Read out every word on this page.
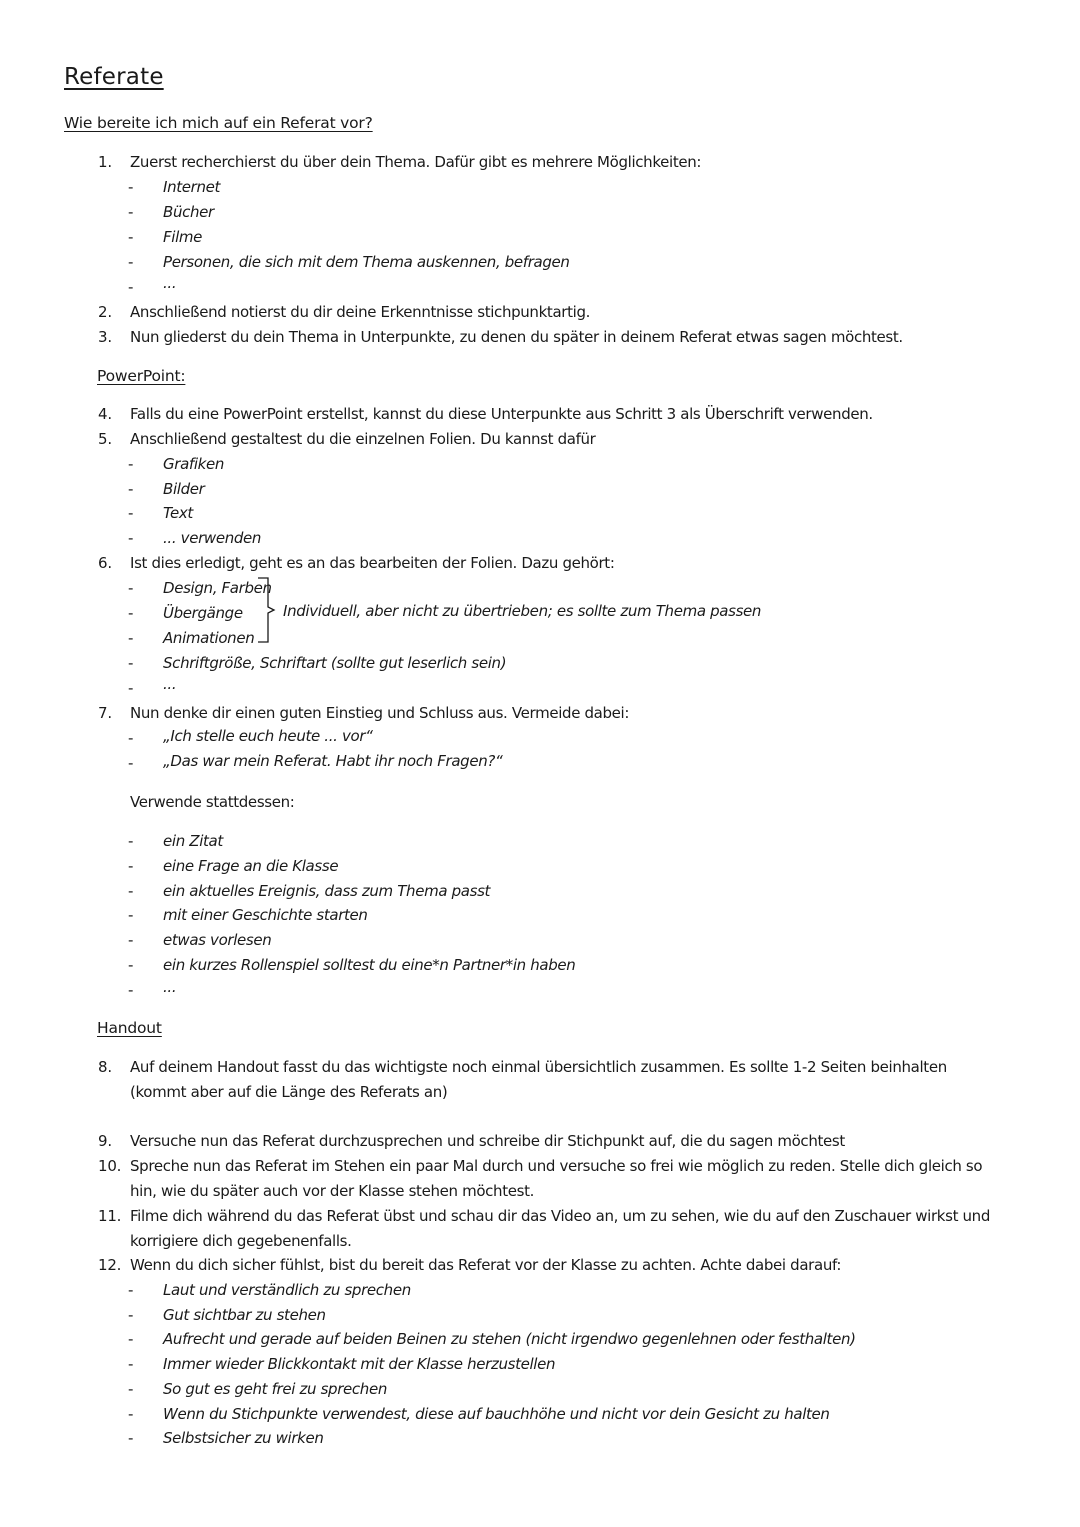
Referate
Wie bereite ich mich auf ein Referat vor?
1. Zuerst recherchierst du über dein Thema. Dafür gibt es mehrere Möglichkeiten:
- Internet
- Bücher
- Filme
- Personen, die sich mit dem Thema auskennen, befragen
- ...
2. Anschließend notierst du dir deine Erkenntnisse stichpunktartig.
3. Nun gliederst du dein Thema in Unterpunkte, zu denen du später in deinem Referat etwas sagen möchtest.
PowerPoint:
4. Falls du eine PowerPoint erstellst, kannst du diese Unterpunkte aus Schritt 3 als Überschrift verwenden.
5. Anschließend gestaltest du die einzelnen Folien. Du kannst dafür
- Grafiken
- Bilder
- Text
- ... verwenden
6. Ist dies erledigt, geht es an das bearbeiten der Folien. Dazu gehört:
- Design, Farben
- Übergänge
- Animationen
- Schriftgröße, Schriftart (sollte gut leserlich sein)
- ...
Individuell, aber nicht zu übertrieben; es sollte zum Thema passen
7. Nun denke dir einen guten Einstieg und Schluss aus. Vermeide dabei:
- „Ich stelle euch heute ... vor“
- „Das war mein Referat. Habt ihr noch Fragen?“
Verwende stattdessen:
- ein Zitat
- eine Frage an die Klasse
- ein aktuelles Ereignis, dass zum Thema passt
- mit einer Geschichte starten
- etwas vorlesen
- ein kurzes Rollenspiel solltest du eine*n Partner*in haben
- ...
Handout
8. Auf deinem Handout fasst du das wichtigste noch einmal übersichtlich zusammen. Es sollte 1-2 Seiten beinhalten (kommt aber auf die Länge des Referats an)
9. Versuche nun das Referat durchzusprechen und schreibe dir Stichpunkt auf, die du sagen möchtest
10. Spreche nun das Referat im Stehen ein paar Mal durch und versuche so frei wie möglich zu reden. Stelle dich gleich so hin, wie du später auch vor der Klasse stehen möchtest.
11. Filme dich während du das Referat übst und schau dir das Video an, um zu sehen, wie du auf den Zuschauer wirkst und korrigiere dich gegebenenfalls.
12. Wenn du dich sicher fühlst, bist du bereit das Referat vor der Klasse zu achten. Achte dabei darauf:
- Laut und verständlich zu sprechen
- Gut sichtbar zu stehen
- Aufrecht und gerade auf beiden Beinen zu stehen (nicht irgendwo gegenlehnen oder festhalten)
- Immer wieder Blickkontakt mit der Klasse herzustellen
- So gut es geht frei zu sprechen
- Wenn du Stichpunkte verwendest, diese auf bauchhöhe und nicht vor dein Gesicht zu halten
- Selbstsicher zu wirken
